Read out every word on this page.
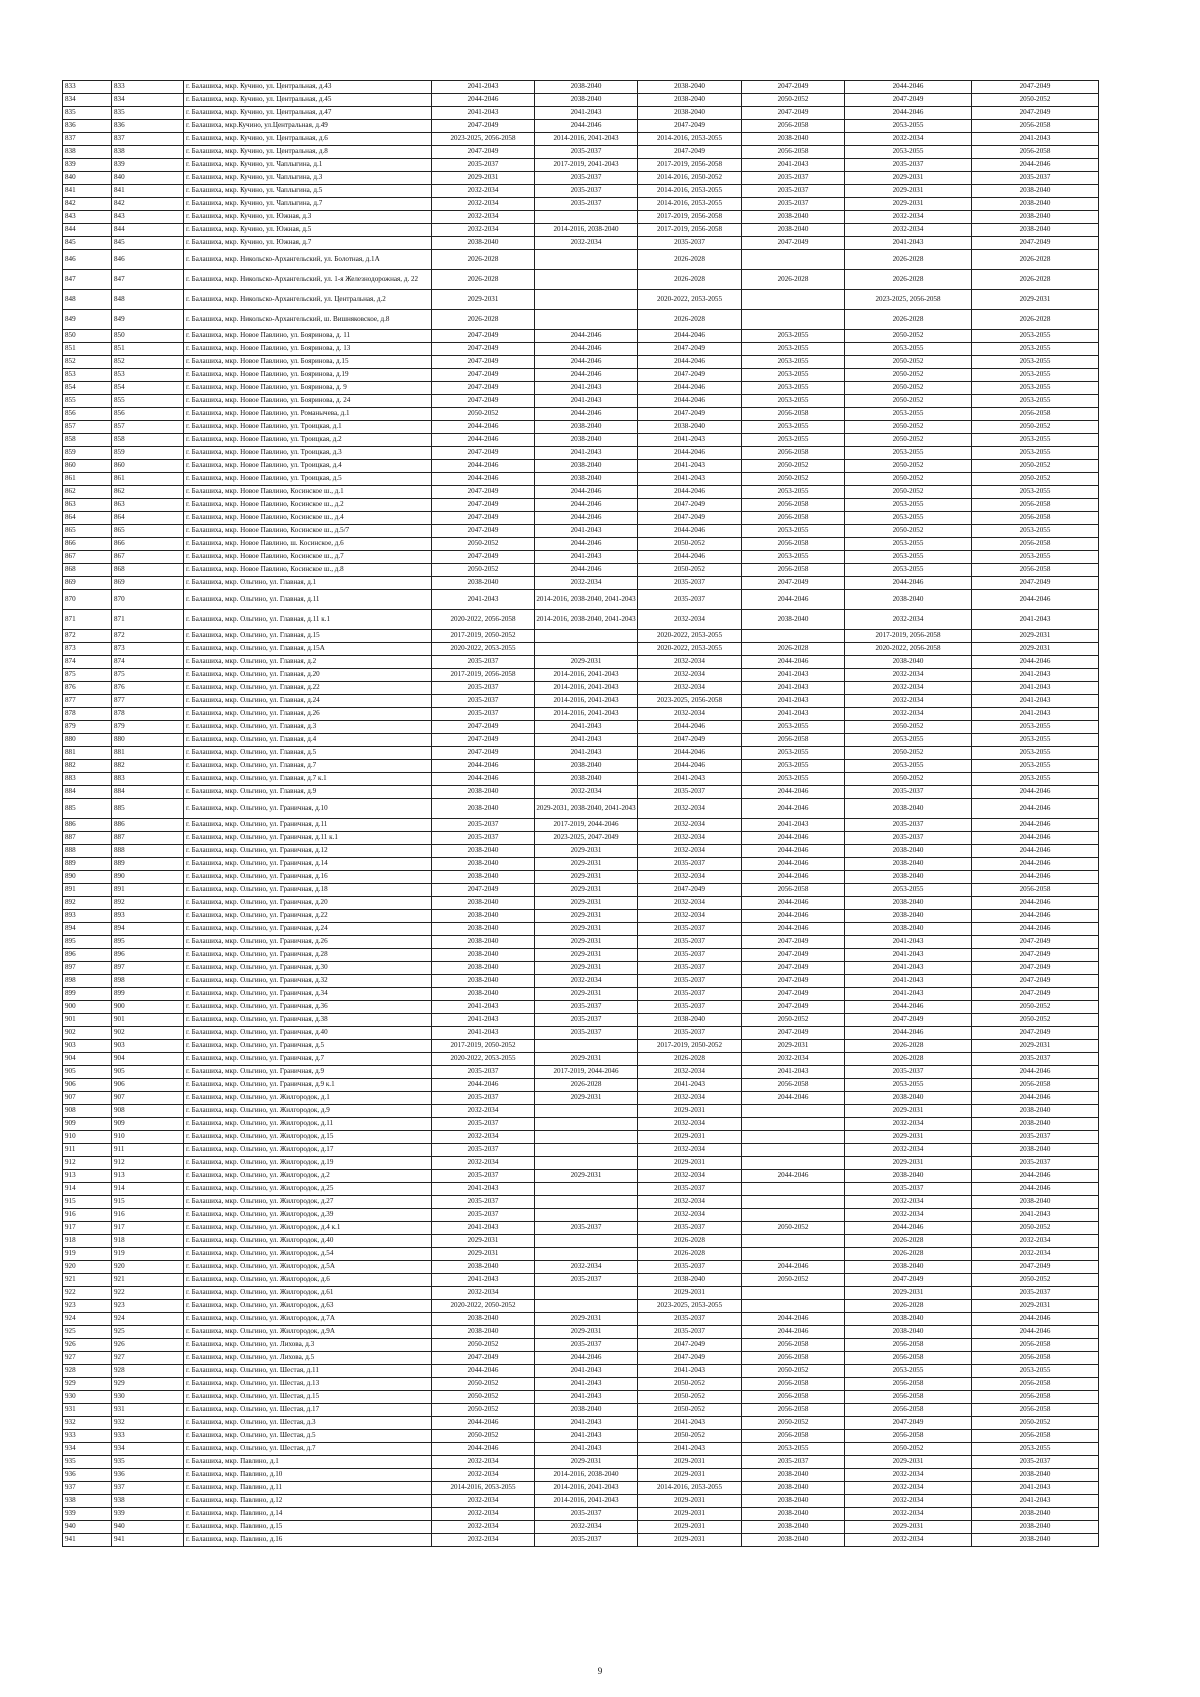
833	833	г. Балашиха, мкр. Кучино, ул. Центральная, д.43	2041-2043	2038-2040	2038-2040	2047-2049	2044-2046	2047-2049
834	834	г. Балашиха, мкр. Кучино, ул. Центральная, д.45	2044-2046	2038-2040	2038-2040	2050-2052	2047-2049	2050-2052
835	835	г. Балашиха, мкр. Кучино, ул. Центральная, д.47	2041-2043	2041-2043	2038-2040	2047-2049	2044-2046	2047-2049
836	836	г. Балашиха, мкр.Кучино, ул.Центральная, д.49	2047-2049	2044-2046	2047-2049	2056-2058	2053-2055	2056-2058
837	837	г. Балашиха, мкр. Кучино, ул. Центральная, д.6	2023-2025, 2056-2058	2014-2016, 2041-2043	2014-2016, 2053-2055	2038-2040	2032-2034	2041-2043
838	838	г. Балашиха, мкр. Кучино, ул. Центральная, д.8	2047-2049	2035-2037	2047-2049	2056-2058	2053-2055	2056-2058
839	839	г. Балашиха, мкр. Кучино, ул. Чаплыгина, д.1	2035-2037	2017-2019, 2041-2043	2017-2019, 2056-2058	2041-2043	2035-2037	2044-2046
840	840	г. Балашиха, мкр. Кучино, ул. Чаплыгина, д.3	2029-2031	2035-2037	2014-2016, 2050-2052	2035-2037	2029-2031	2035-2037
841	841	г. Балашиха, мкр. Кучино, ул. Чаплыгина, д.5	2032-2034	2035-2037	2014-2016, 2053-2055	2035-2037	2029-2031	2038-2040
842	842	г. Балашиха, мкр. Кучино, ул. Чаплыгина, д.7	2032-2034	2035-2037	2014-2016, 2053-2055	2035-2037	2029-2031	2038-2040
843	843	г. Балашиха, мкр. Кучино, ул. Южная, д.3	2032-2034		2017-2019, 2056-2058	2038-2040	2032-2034	2038-2040
844	844	г. Балашиха, мкр. Кучино, ул. Южная, д.5	2032-2034	2014-2016, 2038-2040	2017-2019, 2056-2058	2038-2040	2032-2034	2038-2040
845	845	г. Балашиха, мкр. Кучино, ул. Южная, д.7	2038-2040	2032-2034	2035-2037	2047-2049	2041-2043	2047-2049
846	846	г. Балашиха, мкр. Никольско-Архангельский, ул. Болотная, д.1А	2026-2028		2026-2028		2026-2028	2026-2028
847	847	г. Балашиха, мкр. Никольско-Архангельский, ул. 1-я Железнодорожная, д. 22	2026-2028		2026-2028	2026-2028	2026-2028	2026-2028
848	848	г. Балашиха, мкр. Никольско-Архангельский, ул. Центральная, д.2	2029-2031		2020-2022, 2053-2055		2023-2025, 2056-2058	2029-2031
849	849	г. Балашиха, мкр. Никольско-Архангельский, ш. Вишняковское, д.8	2026-2028		2026-2028		2026-2028	2026-2028
850	850	г. Балашиха, мкр. Новое Павлино, ул. Бояринова, д. 11	2047-2049	2044-2046	2044-2046	2053-2055	2050-2052	2053-2055
851	851	г. Балашиха, мкр. Новое Павлино, ул. Бояринова, д. 13	2047-2049	2044-2046	2047-2049	2053-2055	2053-2055	2053-2055
852	852	г. Балашиха, мкр. Новое Павлино, ул. Бояринова, д.15	2047-2049	2044-2046	2044-2046	2053-2055	2050-2052	2053-2055
853	853	г. Балашиха, мкр. Новое Павлино, ул. Бояринова, д.19	2047-2049	2044-2046	2047-2049	2053-2055	2050-2052	2053-2055
854	854	г. Балашиха, мкр. Новое Павлино, ул. Бояринова, д. 9	2047-2049	2041-2043	2044-2046	2053-2055	2050-2052	2053-2055
855	855	г. Балашиха, мкр. Новое Павлино, ул. Бояринова, д. 24	2047-2049	2041-2043	2044-2046	2053-2055	2050-2052	2053-2055
856	856	г. Балашиха, мкр. Новое Павлино, ул. Романычева, д.1	2050-2052	2044-2046	2047-2049	2056-2058	2053-2055	2056-2058
857	857	г. Балашиха, мкр. Новое Павлино, ул. Троицкая, д.1	2044-2046	2038-2040	2038-2040	2053-2055	2050-2052	2050-2052
858	858	г. Балашиха, мкр. Новое Павлино, ул. Троицкая, д.2	2044-2046	2038-2040	2041-2043	2053-2055	2050-2052	2053-2055
859	859	г. Балашиха, мкр. Новое Павлино, ул. Троицкая, д.3	2047-2049	2041-2043	2044-2046	2056-2058	2053-2055	2053-2055
860	860	г. Балашиха, мкр. Новое Павлино, ул. Троицкая, д.4	2044-2046	2038-2040	2041-2043	2050-2052	2050-2052	2050-2052
861	861	г. Балашиха, мкр. Новое Павлино, ул. Троицкая, д.5	2044-2046	2038-2040	2041-2043	2050-2052	2050-2052	2050-2052
862	862	г. Балашиха, мкр. Новое Павлино, Косинское ш., д.1	2047-2049	2044-2046	2044-2046	2053-2055	2050-2052	2053-2055
863	863	г. Балашиха, мкр. Новое Павлино, Косинское ш., д.2	2047-2049	2044-2046	2047-2049	2056-2058	2053-2055	2056-2058
864	864	г. Балашиха, мкр. Новое Павлино, Косинское ш., д.4	2047-2049	2044-2046	2047-2049	2056-2058	2053-2055	2056-2058
865	865	г. Балашиха, мкр. Новое Павлино, Косинское ш., д.5/7	2047-2049	2041-2043	2044-2046	2053-2055	2050-2052	2053-2055
866	866	г. Балашиха, мкр. Новое Павлино, ш. Косинское, д.6	2050-2052	2044-2046	2050-2052	2056-2058	2053-2055	2056-2058
867	867	г. Балашиха, мкр. Новое Павлино, Косинское ш., д.7	2047-2049	2041-2043	2044-2046	2053-2055	2053-2055	2053-2055
868	868	г. Балашиха, мкр. Новое Павлино, Косинское ш., д.8	2050-2052	2044-2046	2050-2052	2056-2058	2053-2055	2056-2058
869	869	г. Балашиха, мкр. Ольгино, ул. Главная, д.1	2038-2040	2032-2034	2035-2037	2047-2049	2044-2046	2047-2049
870	870	г. Балашиха, мкр. Ольгино, ул. Главная, д.11	2041-2043	2014-2016, 2038-2040, 2041-2043	2035-2037	2044-2046	2038-2040	2044-2046
871	871	г. Балашиха, мкр. Ольгино, ул. Главная, д.11 к.1	2020-2022, 2056-2058	2014-2016, 2038-2040, 2041-2043	2032-2034	2038-2040	2032-2034	2041-2043
872	872	г. Балашиха, мкр. Ольгино, ул. Главная, д.15	2017-2019, 2050-2052		2020-2022, 2053-2055		2017-2019, 2056-2058	2029-2031
873	873	г. Балашиха, мкр. Ольгино, ул. Главная, д.15А	2020-2022, 2053-2055		2020-2022, 2053-2055	2026-2028	2020-2022, 2056-2058	2029-2031
874	874	г. Балашиха, мкр. Ольгино, ул. Главная, д.2	2035-2037	2029-2031	2032-2034	2044-2046	2038-2040	2044-2046
875	875	г. Балашиха, мкр. Ольгино, ул. Главная, д.20	2017-2019, 2056-2058	2014-2016, 2041-2043	2032-2034	2041-2043	2032-2034	2041-2043
876	876	г. Балашиха, мкр. Ольгино, ул. Главная, д.22	2035-2037	2014-2016, 2041-2043	2032-2034	2041-2043	2032-2034	2041-2043
877	877	г. Балашиха, мкр. Ольгино, ул. Главная, д.24	2035-2037	2014-2016, 2041-2043	2023-2025, 2056-2058	2041-2043	2032-2034	2041-2043
878	878	г. Балашиха, мкр. Ольгино, ул. Главная, д.26	2035-2037	2014-2016, 2041-2043	2032-2034	2041-2043	2032-2034	2041-2043
879	879	г. Балашиха, мкр. Ольгино, ул. Главная, д.3	2047-2049	2041-2043	2044-2046	2053-2055	2050-2052	2053-2055
880	880	г. Балашиха, мкр. Ольгино, ул. Главная, д.4	2047-2049	2041-2043	2047-2049	2056-2058	2053-2055	2053-2055
881	881	г. Балашиха, мкр. Ольгино, ул. Главная, д.5	2047-2049	2041-2043	2044-2046	2053-2055	2050-2052	2053-2055
882	882	г. Балашиха, мкр. Ольгино, ул. Главная, д.7	2044-2046	2038-2040	2044-2046	2053-2055	2053-2055	2053-2055
883	883	г. Балашиха, мкр. Ольгино, ул. Главная, д.7 к.1	2044-2046	2038-2040	2041-2043	2053-2055	2050-2052	2053-2055
884	884	г. Балашиха, мкр. Ольгино, ул. Главная, д.9	2038-2040	2032-2034	2035-2037	2044-2046	2035-2037	2044-2046
885	885	г. Балашиха, мкр. Ольгино, ул. Граничная, д.10	2038-2040	2029-2031, 2038-2040, 2041-2043	2032-2034	2044-2046	2038-2040	2044-2046
886	886	г. Балашиха, мкр. Ольгино, ул. Граничная, д.11	2035-2037	2017-2019, 2044-2046	2032-2034	2041-2043	2035-2037	2044-2046
887	887	г. Балашиха, мкр. Ольгино, ул. Граничная, д.11 к.1	2035-2037	2023-2025, 2047-2049	2032-2034	2044-2046	2035-2037	2044-2046
888	888	г. Балашиха, мкр. Ольгино, ул. Граничная, д.12	2038-2040	2029-2031	2032-2034	2044-2046	2038-2040	2044-2046
889	889	г. Балашиха, мкр. Ольгино, ул. Граничная, д.14	2038-2040	2029-2031	2035-2037	2044-2046	2038-2040	2044-2046
890	890	г. Балашиха, мкр. Ольгино, ул. Граничная, д.16	2038-2040	2029-2031	2032-2034	2044-2046	2038-2040	2044-2046
891	891	г. Балашиха, мкр. Ольгино, ул. Граничная, д.18	2047-2049	2029-2031	2047-2049	2056-2058	2053-2055	2056-2058
892	892	г. Балашиха, мкр. Ольгино, ул. Граничная, д.20	2038-2040	2029-2031	2032-2034	2044-2046	2038-2040	2044-2046
893	893	г. Балашиха, мкр. Ольгино, ул. Граничная, д.22	2038-2040	2029-2031	2032-2034	2044-2046	2038-2040	2044-2046
894	894	г. Балашиха, мкр. Ольгино, ул. Граничная, д.24	2038-2040	2029-2031	2035-2037	2044-2046	2038-2040	2044-2046
895	895	г. Балашиха, мкр. Ольгино, ул. Граничная, д.26	2038-2040	2029-2031	2035-2037	2047-2049	2041-2043	2047-2049
896	896	г. Балашиха, мкр. Ольгино, ул. Граничная, д.28	2038-2040	2029-2031	2035-2037	2047-2049	2041-2043	2047-2049
897	897	г. Балашиха, мкр. Ольгино, ул. Граничная, д.30	2038-2040	2029-2031	2035-2037	2047-2049	2041-2043	2047-2049
898	898	г. Балашиха, мкр. Ольгино, ул. Граничная, д.32	2038-2040	2032-2034	2035-2037	2047-2049	2041-2043	2047-2049
899	899	г. Балашиха, мкр. Ольгино, ул. Граничная, д.34	2038-2040	2029-2031	2035-2037	2047-2049	2041-2043	2047-2049
900	900	г. Балашиха, мкр. Ольгино, ул. Граничная, д.36	2041-2043	2035-2037	2035-2037	2047-2049	2044-2046	2050-2052
901	901	г. Балашиха, мкр. Ольгино, ул. Граничная, д.38	2041-2043	2035-2037	2038-2040	2050-2052	2047-2049	2050-2052
902	902	г. Балашиха, мкр. Ольгино, ул. Граничная, д.40	2041-2043	2035-2037	2035-2037	2047-2049	2044-2046	2047-2049
903	903	г. Балашиха, мкр. Ольгино, ул. Граничная, д.5	2017-2019, 2050-2052		2017-2019, 2050-2052	2029-2031	2026-2028	2029-2031
904	904	г. Балашиха, мкр. Ольгино, ул. Граничная, д.7	2020-2022, 2053-2055	2029-2031	2026-2028	2032-2034	2026-2028	2035-2037
905	905	г. Балашиха, мкр. Ольгино, ул. Граничная, д.9	2035-2037	2017-2019, 2044-2046	2032-2034	2041-2043	2035-2037	2044-2046
906	906	г. Балашиха, мкр. Ольгино, ул. Граничная, д.9 к.1	2044-2046	2026-2028	2041-2043	2056-2058	2053-2055	2056-2058
907	907	г. Балашиха, мкр. Ольгино, ул. Жилгородок, д.1	2035-2037	2029-2031	2032-2034	2044-2046	2038-2040	2044-2046
908	908	г. Балашиха, мкр. Ольгино, ул. Жилгородок, д.9	2032-2034		2029-2031		2029-2031	2038-2040
909	909	г. Балашиха, мкр. Ольгино, ул. Жилгородок, д.11	2035-2037		2032-2034		2032-2034	2038-2040
910	910	г. Балашиха, мкр. Ольгино, ул. Жилгородок, д.15	2032-2034		2029-2031		2029-2031	2035-2037
911	911	г. Балашиха, мкр. Ольгино, ул. Жилгородок, д.17	2035-2037		2032-2034		2032-2034	2038-2040
912	912	г. Балашиха, мкр. Ольгино, ул. Жилгородок, д.19	2032-2034		2029-2031		2029-2031	2035-2037
913	913	г. Балашиха, мкр. Ольгино, ул. Жилгородок, д.2	2035-2037	2029-2031	2032-2034	2044-2046	2038-2040	2044-2046
914	914	г. Балашиха, мкр. Ольгино, ул. Жилгородок, д.25	2041-2043		2035-2037		2035-2037	2044-2046
915	915	г. Балашиха, мкр. Ольгино, ул. Жилгородок, д.27	2035-2037		2032-2034		2032-2034	2038-2040
916	916	г. Балашиха, мкр. Ольгино, ул. Жилгородок, д.39	2035-2037		2032-2034		2032-2034	2041-2043
917	917	г. Балашиха, мкр. Ольгино, ул. Жилгородок, д.4 к.1	2041-2043	2035-2037	2035-2037	2050-2052	2044-2046	2050-2052
918	918	г. Балашиха, мкр. Ольгино, ул. Жилгородок, д.40	2029-2031		2026-2028		2026-2028	2032-2034
919	919	г. Балашиха, мкр. Ольгино, ул. Жилгородок, д.54	2029-2031		2026-2028		2026-2028	2032-2034
920	920	г. Балашиха, мкр. Ольгино, ул. Жилгородок, д.5А	2038-2040	2032-2034	2035-2037	2044-2046	2038-2040	2047-2049
921	921	г. Балашиха, мкр. Ольгино, ул. Жилгородок, д.6	2041-2043	2035-2037	2038-2040	2050-2052	2047-2049	2050-2052
922	922	г. Балашиха, мкр. Ольгино, ул. Жилгородок, д.61	2032-2034		2029-2031		2029-2031	2035-2037
923	923	г. Балашиха, мкр. Ольгино, ул. Жилгородок, д.63	2020-2022, 2050-2052		2023-2025, 2053-2055		2026-2028	2029-2031
924	924	г. Балашиха, мкр. Ольгино, ул. Жилгородок, д.7А	2038-2040	2029-2031	2035-2037	2044-2046	2038-2040	2044-2046
925	925	г. Балашиха, мкр. Ольгино, ул. Жилгородок, д.9А	2038-2040	2029-2031	2035-2037	2044-2046	2038-2040	2044-2046
926	926	г. Балашиха, мкр. Ольгино, ул. Лихова, д.3	2050-2052	2035-2037	2047-2049	2056-2058	2056-2058	2056-2058
927	927	г. Балашиха, мкр. Ольгино, ул. Лихова, д.5	2047-2049	2044-2046	2047-2049	2056-2058	2056-2058	2056-2058
928	928	г. Балашиха, мкр. Ольгино, ул. Шестая, д.11	2044-2046	2041-2043	2041-2043	2050-2052	2053-2055	2053-2055
929	929	г. Балашиха, мкр. Ольгино, ул. Шестая, д.13	2050-2052	2041-2043	2050-2052	2056-2058	2056-2058	2056-2058
930	930	г. Балашиха, мкр. Ольгино, ул. Шестая, д.15	2050-2052	2041-2043	2050-2052	2056-2058	2056-2058	2056-2058
931	931	г. Балашиха, мкр. Ольгино, ул. Шестая, д.17	2050-2052	2038-2040	2050-2052	2056-2058	2056-2058	2056-2058
932	932	г. Балашиха, мкр. Ольгино, ул. Шестая, д.3	2044-2046	2041-2043	2041-2043	2050-2052	2047-2049	2050-2052
933	933	г. Балашиха, мкр. Ольгино, ул. Шестая, д.5	2050-2052	2041-2043	2050-2052	2056-2058	2056-2058	2056-2058
934	934	г. Балашиха, мкр. Ольгино, ул. Шестая, д.7	2044-2046	2041-2043	2041-2043	2053-2055	2050-2052	2053-2055
935	935	г. Балашиха, мкр. Павлино, д.1	2032-2034	2029-2031	2029-2031	2035-2037	2029-2031	2035-2037
936	936	г. Балашиха, мкр. Павлино, д.10	2032-2034	2014-2016, 2038-2040	2029-2031	2038-2040	2032-2034	2038-2040
937	937	г. Балашиха, мкр. Павлино, д.11	2014-2016, 2053-2055	2014-2016, 2041-2043	2014-2016, 2053-2055	2038-2040	2032-2034	2041-2043
938	938	г. Балашиха, мкр. Павлино, д.12	2032-2034	2014-2016, 2041-2043	2029-2031	2038-2040	2032-2034	2041-2043
939	939	г. Балашиха, мкр. Павлино, д.14	2032-2034	2035-2037	2029-2031	2038-2040	2032-2034	2038-2040
940	940	г. Балашиха, мкр. Павлино, д.15	2032-2034	2032-2034	2029-2031	2038-2040	2029-2031	2038-2040
941	941	г. Балашиха, мкр. Павлино, д.16	2032-2034	2035-2037	2029-2031	2038-2040	2032-2034	2038-2040
9
